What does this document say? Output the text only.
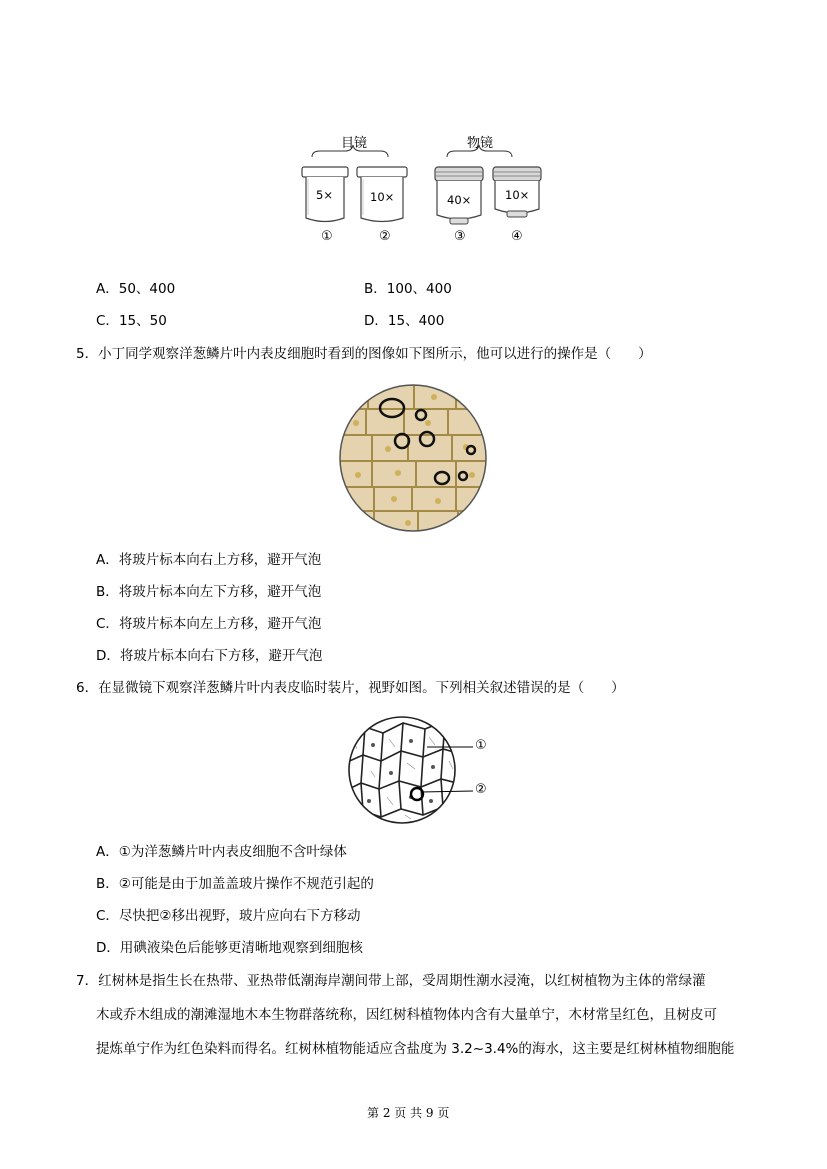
目镜	物镜
5×	10×	40×	10×
①	②	③	④
A．50、400	B．100、400
C．15、50	D．15、400
5．小丁同学观察洋葱鳞片叶内表皮细胞时看到的图像如下图所示，他可以进行的操作是（　　）
A．将玻片标本向右上方移，避开气泡
B．将玻片标本向左下方移，避开气泡
C．将玻片标本向左上方移，避开气泡
D．将玻片标本向右下方移，避开气泡
6．在显微镜下观察洋葱鳞片叶内表皮临时装片，视野如图。下列相关叙述错误的是（　　）
①
②
A．①为洋葱鳞片叶内表皮细胞不含叶绿体
B．②可能是由于加盖盖玻片操作不规范引起的
C．尽快把②移出视野，玻片应向右下方移动
D．用碘液染色后能够更清晰地观察到细胞核
7．红树林是指生长在热带、亚热带低潮海岸潮间带上部，受周期性潮水浸淹，以红树植物为主体的常绿灌
木或乔木组成的潮滩湿地木本生物群落统称，因红树科植物体内含有大量单宁，木材常呈红色，且树皮可
提炼单宁作为红色染料而得名。红树林植物能适应含盐度为 3.2~3.4%的海水，这主要是红树林植物细胞能
第 2 页 共 9 页
